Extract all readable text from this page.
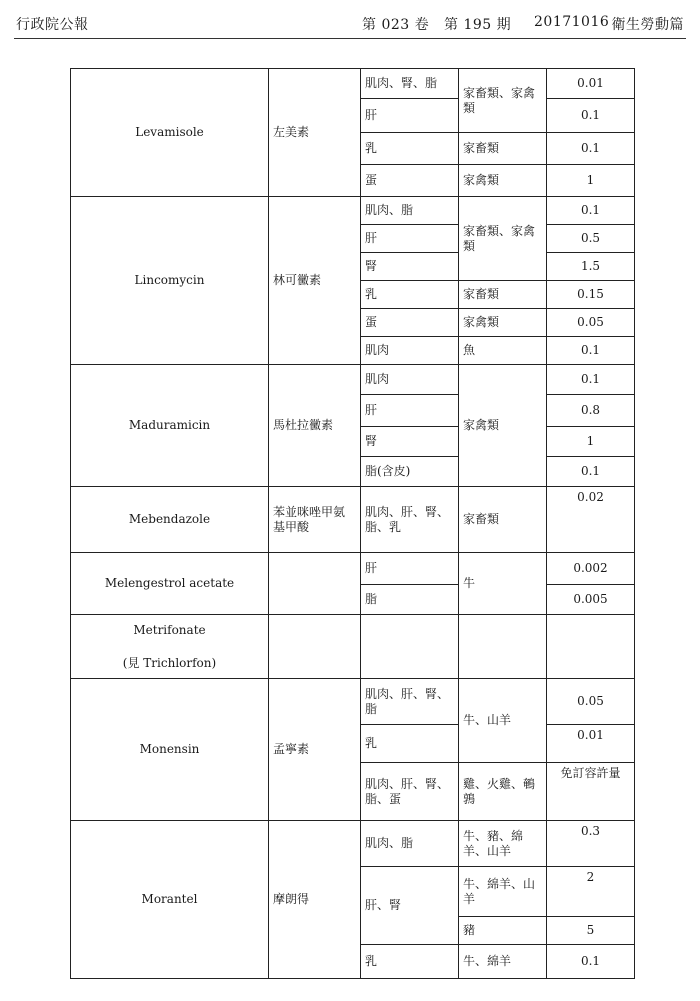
行政院公報	第 023 卷 第 195 期 20171016 衛生勞動篇
Levamisole	左美素	肌肉、腎、脂	家畜類、家禽類	0.01
		肝		0.1
		乳	家畜類	0.1
		蛋	家禽類	1
Lincomycin	林可黴素	肌肉、脂	家畜類、家禽類	0.1
		肝		0.5
		腎		1.5
		乳	家畜類	0.15
		蛋	家禽類	0.05
		肌肉	魚	0.1
Maduramicin	馬杜拉黴素	肌肉	家禽類	0.1
		肝		0.8
		腎		1
		脂(含皮)		0.1
Mebendazole	苯並咪唑甲氨基甲酸	肌肉、肝、腎、脂、乳	家畜類	0.02
Melengestrol acetate		肝	牛	0.002
		脂		0.005

Metrifonate
(見 Trichlorfon)				

Monensin	孟寧素	肌肉、肝、腎、脂	牛、山羊	0.05
		乳		0.01
		肌肉、肝、腎、脂、蛋	雞、火雞、鵪鶉	免訂容許量
Morantel	摩朗得	肌肉、脂	牛、豬、綿羊、山羊	0.3
		肝、腎	牛、綿羊、山羊	2
			豬	5
		乳	牛、綿羊	0.1
